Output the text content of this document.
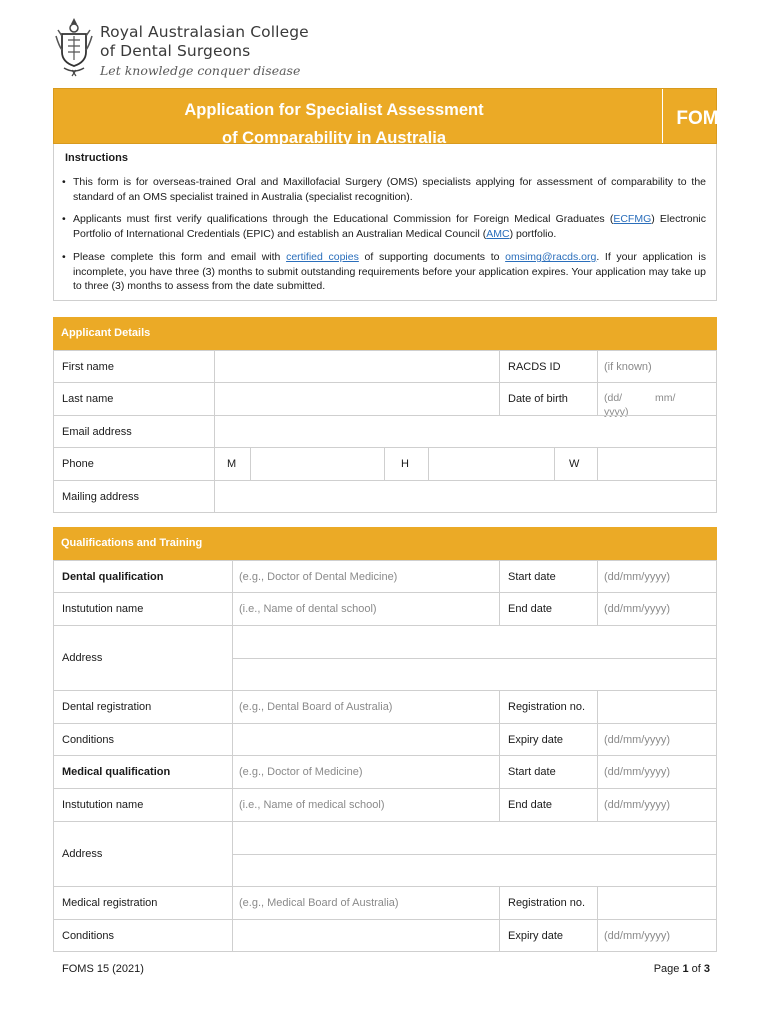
Royal Australasian College
of Dental Surgeons
Let knowledge conquer disease
Application for Specialist Assessment
of Comparability in Australia
FOMS 15
Instructions
• This form is for overseas-trained Oral and Maxillofacial Surgery (OMS) specialists applying for assessment of comparability to the standard of an OMS specialist trained in Australia (specialist recognition).
• Applicants must first verify qualifications through the Educational Commission for Foreign Medical Graduates (ECFMG) Electronic Portfolio of International Credentials (EPIC) and establish an Australian Medical Council (AMC) portfolio.
• Please complete this form and email with certified copies of supporting documents to omsimg@racds.org. If your application is incomplete, you have three (3) months to submit outstanding requirements before your application expires. Your application may take up to three (3) months to assess from the date submitted.
Applicant Details
First name	RACDS ID	(if known)
Last name	Date of birth	(dd/ mm/ yyyy)
Email address
Phone	M	H	W
Mailing address
Qualifications and Training
Dental qualification	(e.g., Doctor of Dental Medicine)	Start date	(dd/mm/yyyy)
Instutution name	(i.e., Name of dental school)	End date	(dd/mm/yyyy)
Address
Dental registration	(e.g., Dental Board of Australia)	Registration no.
Conditions	Expiry date	(dd/mm/yyyy)
Medical qualification	(e.g., Doctor of Medicine)	Start date	(dd/mm/yyyy)
Instutution name	(i.e., Name of medical school)	End date	(dd/mm/yyyy)
Address
Medical registration	(e.g., Medical Board of Australia)	Registration no.
Conditions	Expiry date	(dd/mm/yyyy)
FOMS 15 (2021)	Page 1 of 3
